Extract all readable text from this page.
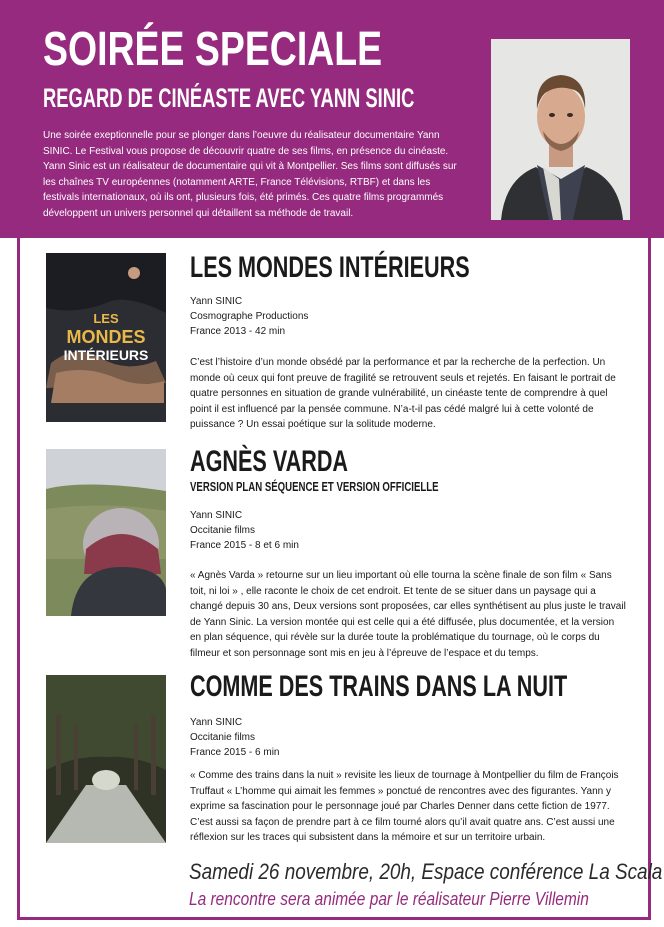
SOIRÉE SPECIALE
REGARD DE CINÉASTE AVEC YANN SINIC

Une soirée exeptionnelle pour se plonger dans l’oeuvre du réalisateur documentaire Yann SINIC. Le Festival vous propose de découvrir quatre de ses films, en présence du cinéaste. Yann Sinic est un réalisateur de documentaire qui vit à Montpellier. Ses films sont diffusés sur les chaînes TV européennes (notamment ARTE, France Télévisions, RTBF) et dans les festivals internationaux, où ils ont, plusieurs fois, été primés. Ces quatre films programmés développent un univers personnel qui détaillent sa méthode de travail.

LES
MONDES
INTÉRIEURS
LES MONDES INTÉRIEURS
Yann SINIC
Cosmographe Productions
France 2013 - 42 min

C’est l’histoire d’un monde obsédé par la performance et par la recherche de la perfection. Un monde où ceux qui font preuve de fragilité se retrouvent seuls et rejetés. En faisant le portrait de quatre personnes en situation de grande vulnérabilité, un cinéaste tente de comprendre à quel point il est influencé par la pensée commune. N’a-t-il pas cédé malgré lui à cette volonté de puissance ? Un essai poétique sur la solitude moderne.

AGNÈS VARDA
VERSION PLAN SÉQUENCE ET VERSION OFFICIELLE
Yann SINIC
Occitanie films
France 2015 - 8 et 6 min

« Agnès Varda » retourne sur un lieu important où elle tourna la scène finale de son film « Sans toit, ni loi » , elle raconte le choix de cet endroit. Et tente de se situer dans un paysage qui a changé depuis 30 ans, Deux versions sont proposées, car elles synthétisent au plus juste le travail de Yann Sinic. La version montée qui est celle qui a été diffusée, plus documentée, et la version en plan séquence, qui révèle sur la durée toute la problématique du tournage, où le corps du filmeur et son personnage sont mis en jeu à l’épreuve de l’espace et du temps.

COMME DES TRAINS DANS LA NUIT
Yann SINIC
Occitanie films
France 2015 - 6 min

« Comme des trains dans la nuit » revisite les lieux de tournage à Montpellier du film de François Truffaut « L’homme qui aimait les femmes » ponctué de rencontres avec des figurantes. Yann y exprime sa fascination pour le personnage joué par Charles Denner dans cette fiction de 1977. C’est aussi sa façon de prendre part à ce film tourné alors qu’il avait quatre ans. C’est aussi une réflexion sur les traces qui subsistent dans la mémoire et sur un territoire urbain.

Samedi 26 novembre, 20h, Espace conférence La Scala
La rencontre sera animée par le réalisateur Pierre Villemin
